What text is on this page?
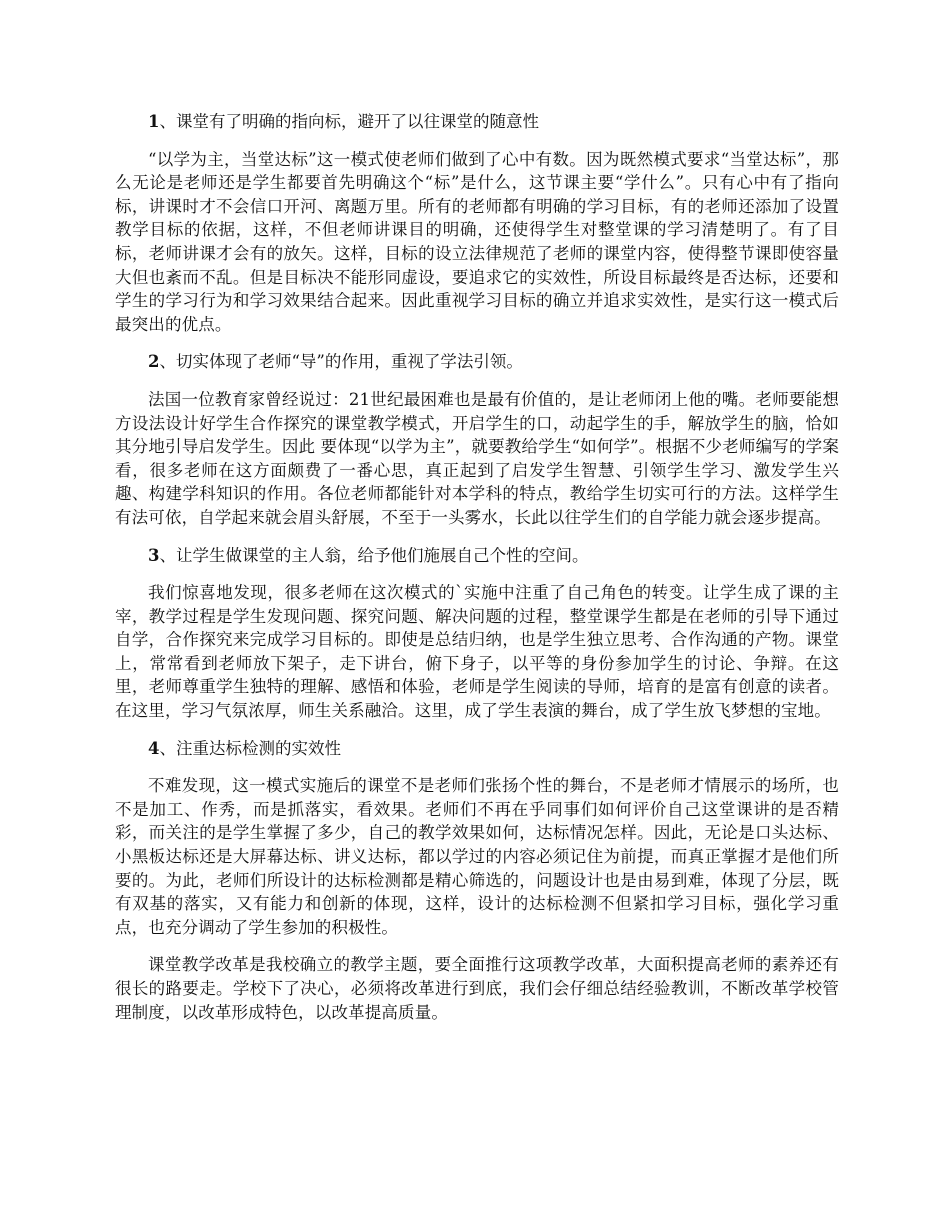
1、课堂有了明确的指向标，避开了以往课堂的随意性

“以学为主，当堂达标”这一模式使老师们做到了心中有数。因为既然模式要求“当堂达标”，那么无论是老师还是学生都要首先明确这个“标”是什么，这节课主要“学什么”。只有心中有了指向标，讲课时才不会信口开河、离题万里。所有的老师都有明确的学习目标，有的老师还添加了设置教学目标的依据，这样，不但老师讲课目的明确，还使得学生对整堂课的学习清楚明了。有了目标，老师讲课才会有的放矢。这样，目标的设立法律规范了老师的课堂内容，使得整节课即使容量大但也紊而不乱。但是目标决不能形同虚设，要追求它的实效性，所设目标最终是否达标，还要和学生的学习行为和学习效果结合起来。因此重视学习目标的确立并追求实效性，是实行这一模式后最突出的优点。

2、切实体现了老师“导”的作用，重视了学法引领。

法国一位教育家曾经说过：21世纪最困难也是最有价值的，是让老师闭上他的嘴。老师要能想方设法设计好学生合作探究的课堂教学模式，开启学生的口，动起学生的手，解放学生的脑，恰如其分地引导启发学生。因此 要体现“以学为主”，就要教给学生“如何学”。根据不少老师编写的学案看，很多老师在这方面颇费了一番心思，真正起到了启发学生智慧、引领学生学习、激发学生兴趣、构建学科知识的作用。各位老师都能针对本学科的特点，教给学生切实可行的方法。这样学生有法可依，自学起来就会眉头舒展，不至于一头雾水，长此以往学生们的自学能力就会逐步提高。

3、让学生做课堂的主人翁，给予他们施展自己个性的空间。

我们惊喜地发现，很多老师在这次模式的`实施中注重了自己角色的转变。让学生成了课的主宰，教学过程是学生发现问题、探究问题、解决问题的过程，整堂课学生都是在老师的引导下通过自学，合作探究来完成学习目标的。即使是总结归纳，也是学生独立思考、合作沟通的产物。课堂上，常常看到老师放下架子，走下讲台，俯下身子，以平等的身份参加学生的讨论、争辩。在这里，老师尊重学生独特的理解、感悟和体验，老师是学生阅读的导师，培育的是富有创意的读者。在这里，学习气氛浓厚，师生关系融洽。这里，成了学生表演的舞台，成了学生放飞梦想的宝地。

4、注重达标检测的实效性

不难发现，这一模式实施后的课堂不是老师们张扬个性的舞台，不是老师才情展示的场所，也不是加工、作秀，而是抓落实，看效果。老师们不再在乎同事们如何评价自己这堂课讲的是否精彩，而关注的是学生掌握了多少，自己的教学效果如何，达标情况怎样。因此，无论是口头达标、小黑板达标还是大屏幕达标、讲义达标，都以学过的内容必须记住为前提，而真正掌握才是他们所要的。为此，老师们所设计的达标检测都是精心筛选的，问题设计也是由易到难，体现了分层，既有双基的落实，又有能力和创新的体现，这样，设计的达标检测不但紧扣学习目标，强化学习重点，也充分调动了学生参加的积极性。

课堂教学改革是我校确立的教学主题，要全面推行这项教学改革，大面积提高老师的素养还有很长的路要走。学校下了决心，必须将改革进行到底，我们会仔细总结经验教训，不断改革学校管理制度，以改革形成特色，以改革提高质量。
